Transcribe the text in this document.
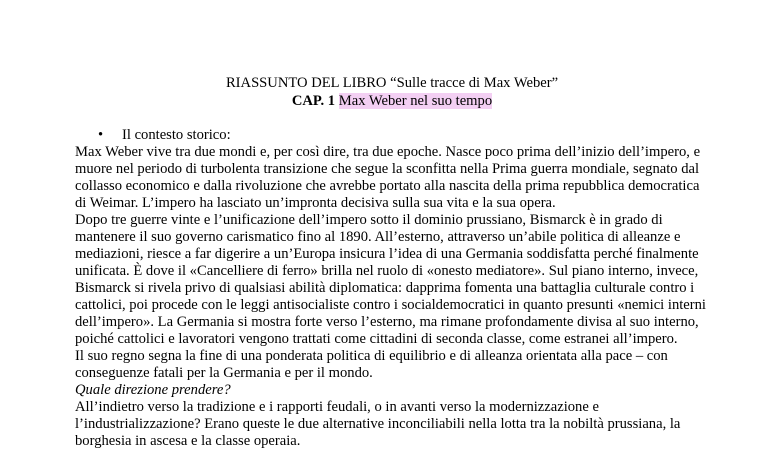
RIASSUNTO DEL LIBRO “Sulle tracce di Max Weber”
CAP. 1 Max Weber nel suo tempo
• Il contesto storico:
Max Weber vive tra due mondi e, per così dire, tra due epoche. Nasce poco prima dell’inizio dell’impero, e
muore nel periodo di turbolenta transizione che segue la sconfitta nella Prima guerra mondiale, segnato dal
collasso economico e dalla rivoluzione che avrebbe portato alla nascita della prima repubblica democratica
di Weimar. L’impero ha lasciato un’impronta decisiva sulla sua vita e la sua opera.
Dopo tre guerre vinte e l’unificazione dell’impero sotto il dominio prussiano, Bismarck è in grado di
mantenere il suo governo carismatico fino al 1890. All’esterno, attraverso un’abile politica di alleanze e
mediazioni, riesce a far digerire a un’Europa insicura l’idea di una Germania soddisfatta perché finalmente
unificata. È dove il «Cancelliere di ferro» brilla nel ruolo di «onesto mediatore». Sul piano interno, invece,
Bismarck si rivela privo di qualsiasi abilità diplomatica: dapprima fomenta una battaglia culturale contro i
cattolici, poi procede con le leggi antisocialiste contro i socialdemocratici in quanto presunti «nemici interni
dell’impero». La Germania si mostra forte verso l’esterno, ma rimane profondamente divisa al suo interno,
poiché cattolici e lavoratori vengono trattati come cittadini di seconda classe, come estranei all’impero.
Il suo regno segna la fine di una ponderata politica di equilibrio e di alleanza orientata alla pace – con
conseguenze fatali per la Germania e per il mondo.
Quale direzione prendere?
All’indietro verso la tradizione e i rapporti feudali, o in avanti verso la modernizzazione e
l’industrializzazione? Erano queste le due alternative inconciliabili nella lotta tra la nobiltà prussiana, la
borghesia in ascesa e la classe operaia.
